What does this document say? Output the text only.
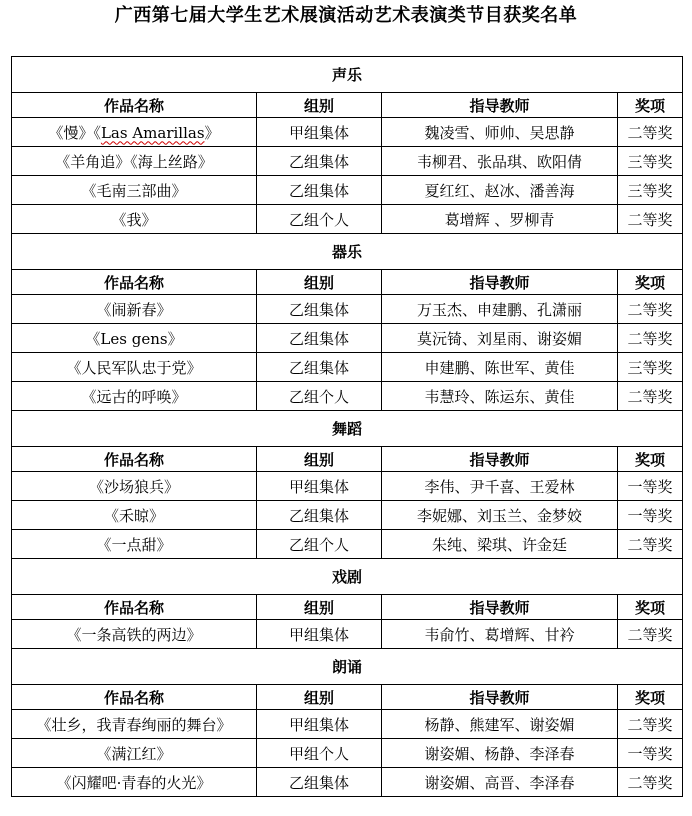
广西第七届大学生艺术展演活动艺术表演类节目获奖名单
声乐			
作品名称	组别	指导教师	奖项
《慢》《Las Amarillas》	甲组集体	魏凌雪、师帅、吴思静	二等奖
《羊角追》《海上丝路》	乙组集体	韦柳君、张品琪、欧阳倩	三等奖
《毛南三部曲》	乙组集体	夏红红、赵冰、潘善海	三等奖
《我》	乙组个人	葛增辉 、罗柳青	二等奖
器乐			
作品名称	组别	指导教师	奖项
《闹新春》	乙组集体	万玉杰、申建鹏、孔潇丽	二等奖
《Les gens》	乙组集体	莫沅锜、刘星雨、谢姿媚	二等奖
《人民军队忠于党》	乙组集体	申建鹏、陈世军、黄佳	三等奖
《远古的呼唤》	乙组个人	韦慧玲、陈运东、黄佳	二等奖
舞蹈			
作品名称	组别	指导教师	奖项
《沙场狼兵》	甲组集体	李伟、尹千喜、王爱林	一等奖
《禾晾》	乙组集体	李妮娜、刘玉兰、金梦姣	一等奖
《一点甜》	乙组个人	朱纯、梁琪、许金廷	二等奖
戏剧			
作品名称	组别	指导教师	奖项
《一条高铁的两边》	甲组集体	韦俞竹、葛增辉、甘衿	二等奖
朗诵			
作品名称	组别	指导教师	奖项
《壮乡，我青春绚丽的舞台》	甲组集体	杨静、熊建军、谢姿媚	二等奖
《满江红》	甲组个人	谢姿媚、杨静、李泽春	一等奖
《闪耀吧·青春的火光》	乙组集体	谢姿媚、高晋、李泽春	二等奖
